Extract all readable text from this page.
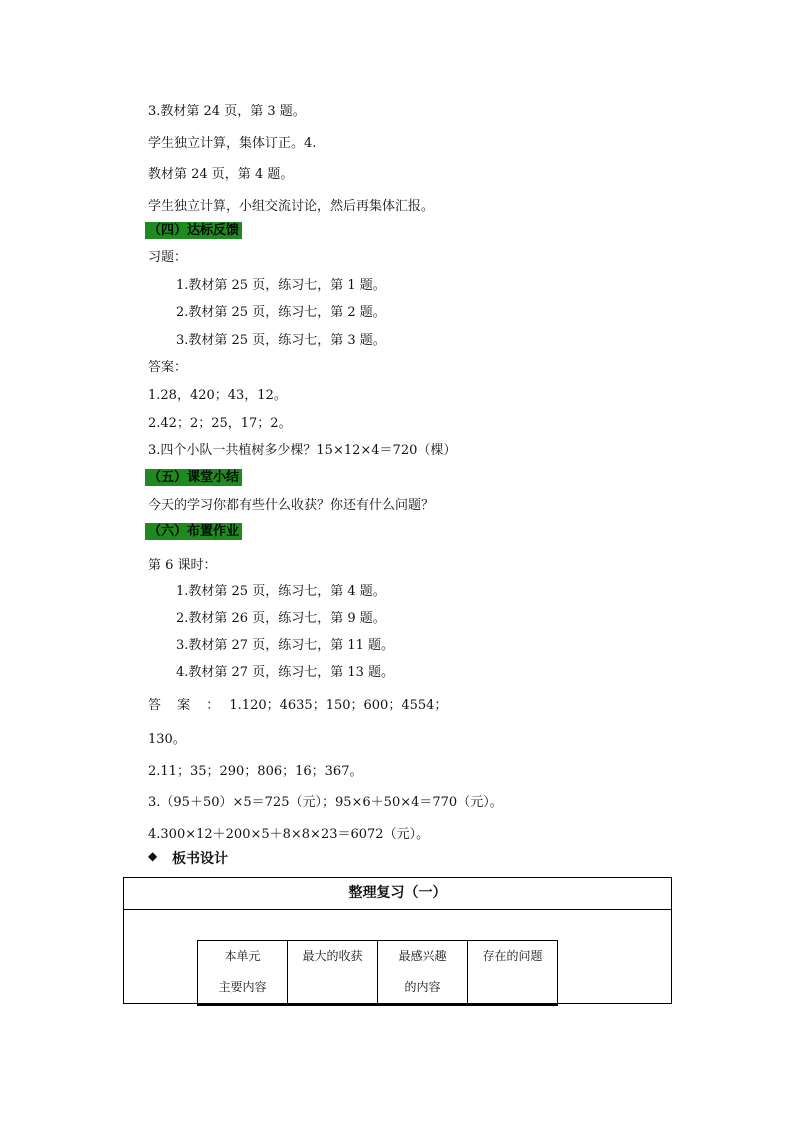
3.教材第 24 页，第 3 题。
学生独立计算，集体订正。4.
教材第 24 页，第 4 题。
学生独立计算，小组交流讨论，然后再集体汇报。
（四）达标反馈
习题：
1.教材第 25 页，练习七，第 1 题。
2.教材第 25 页，练习七，第 2 题。
3.教材第 25 页，练习七，第 3 题。
答案：
1.28，420；43，12。
2.42；2；25，17；2。
3.四个小队一共植树多少棵？15×12×4＝720（棵）
（五）课堂小结
今天的学习你都有些什么收获？你还有什么问题？
（六）布置作业
第 6 课时：
1.教材第 25 页，练习七，第 4 题。
2.教材第 26 页，练习七，第 9 题。
3.教材第 27 页，练习七，第 11 题。
4.教材第 27 页，练习七，第 13 题。
答 案 ： 1.120；4635；150；600；4554；
130。
2.11；35；290；806；16；367。
3.（95＋50）×5＝725（元）；95×6＋50×4＝770（元）。
4.300×12＋200×5＋8×8×23＝6072（元）。
◆ 板书设计
整理复习（一）
本单元
主要内容
最大的收获	最感兴趣
的内容
存在的问题
